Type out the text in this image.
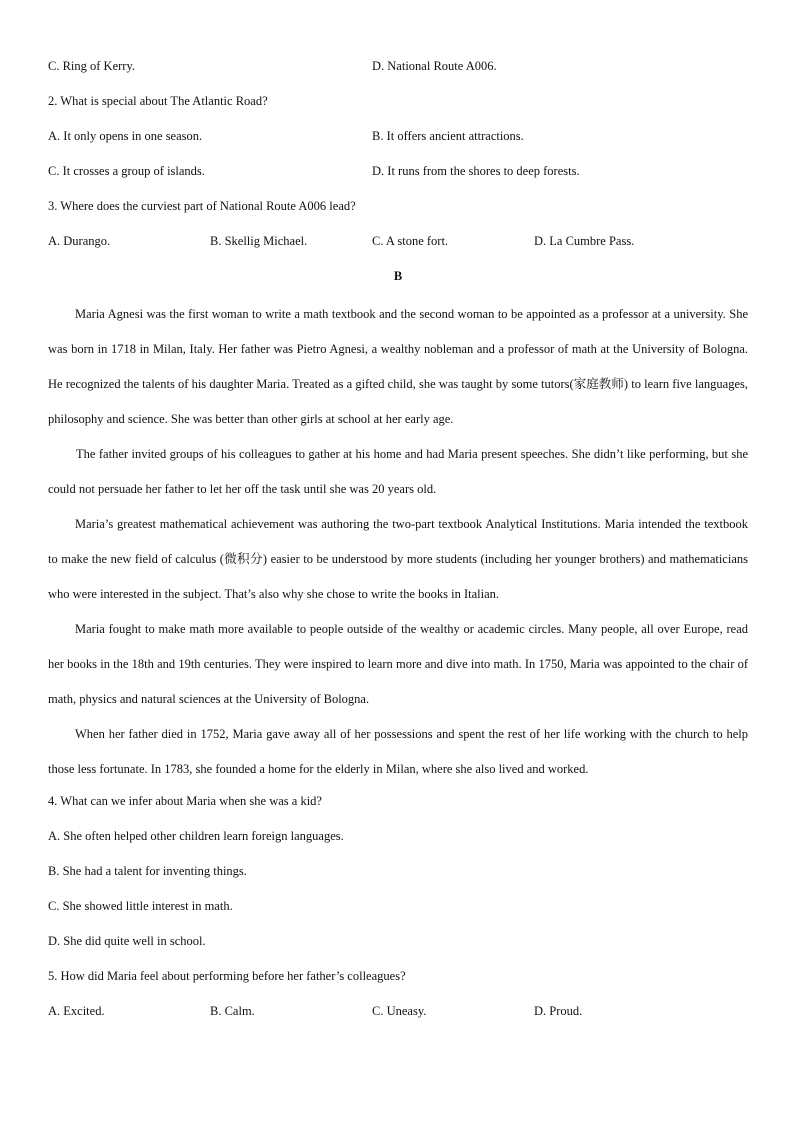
C. Ring of Kerry.	D. National Route A006.
2. What is special about The Atlantic Road?
A. It only opens in one season.	B. It offers ancient attractions.
C. It crosses a group of islands.	D. It runs from the shores to deep forests.
3. Where does the curviest part of National Route A006 lead?
A. Durango.	B. Skellig Michael.	C. A stone fort.	D. La Cumbre Pass.
B

Maria Agnesi was the first woman to write a math textbook and the second woman to be appointed as a professor at a university. She was born in 1718 in Milan, Italy. Her father was Pietro Agnesi, a wealthy nobleman and a professor of math at the University of Bologna. He recognized the talents of his daughter Maria. Treated as a gifted child, she was taught by some tutors(家庭教师) to learn five languages, philosophy and science. She was better than other girls at school at her early age.

The father invited groups of his colleagues to gather at his home and had Maria present speeches. She didn’t like performing, but she could not persuade her father to let her off the task until she was 20 years old.

Maria’s greatest mathematical achievement was authoring the two-part textbook Analytical Institutions. Maria intended the textbook to make the new field of calculus (微积分) easier to be understood by more students (including her younger brothers) and mathematicians who were interested in the subject. That’s also why she chose to write the books in Italian.

Maria fought to make math more available to people outside of the wealthy or academic circles. Many people, all over Europe, read her books in the 18th and 19th centuries. They were inspired to learn more and dive into math. In 1750, Maria was appointed to the chair of math, physics and natural sciences at the University of Bologna.

When her father died in 1752, Maria gave away all of her possessions and spent the rest of her life working with the church to help those less fortunate. In 1783, she founded a home for the elderly in Milan, where she also lived and worked.

4. What can we infer about Maria when she was a kid?
A. She often helped other children learn foreign languages.
B. She had a talent for inventing things.
C. She showed little interest in math.
D. She did quite well in school.
5. How did Maria feel about performing before her father’s colleagues?
A. Excited.	B. Calm.	C. Uneasy.	D. Proud.
